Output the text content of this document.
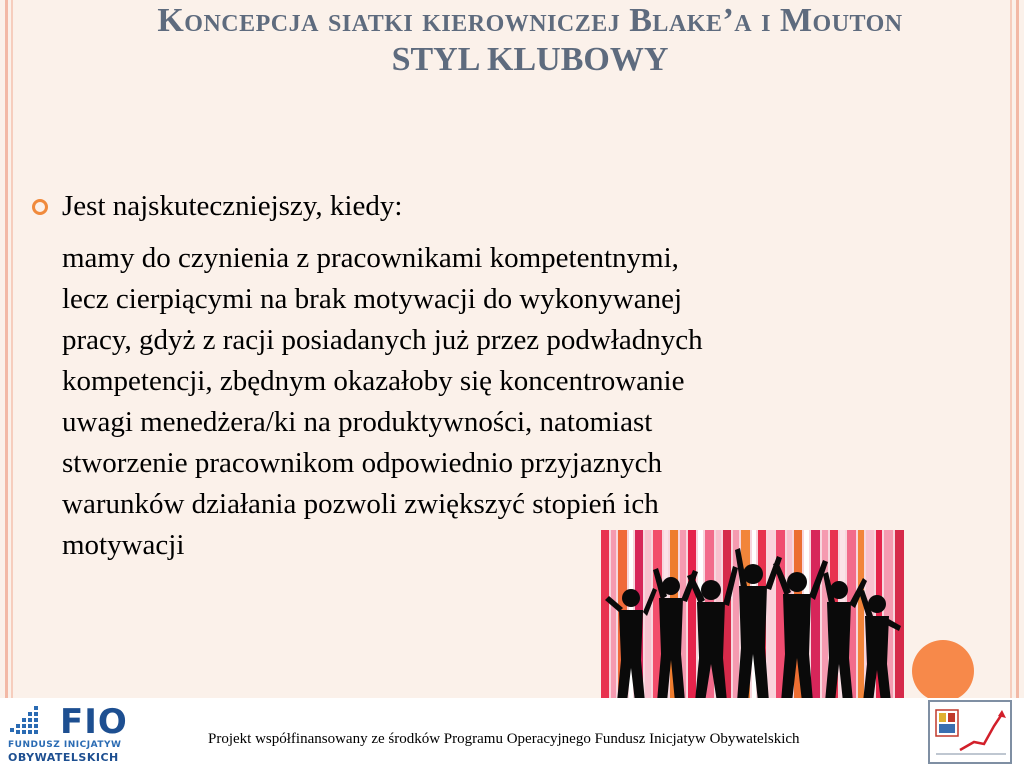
Koncepcja siatki kierowniczej Blake’a i Mouton
STYL KLUBOWY
Jest najskuteczniejszy, kiedy:
mamy do czynienia z pracownikami kompetentnymi,
lecz cierpiącymi na brak motywacji do wykonywanej
pracy, gdyż z racji posiadanych już przez podwładnych
kompetencji, zbędnym okazałoby się koncentrowanie
uwagi menedżera/ki na produktywności, natomiast
stworzenie pracownikom odpowiednio przyjaznych
warunków działania pozwoli zwiększyć stopień ich
motywacji
FIO
FUNDUSZ INICJATYW
OBYWATELSKICH
Projekt współfinansowany ze środków Programu Operacyjnego Fundusz Inicjatyw Obywatelskich
